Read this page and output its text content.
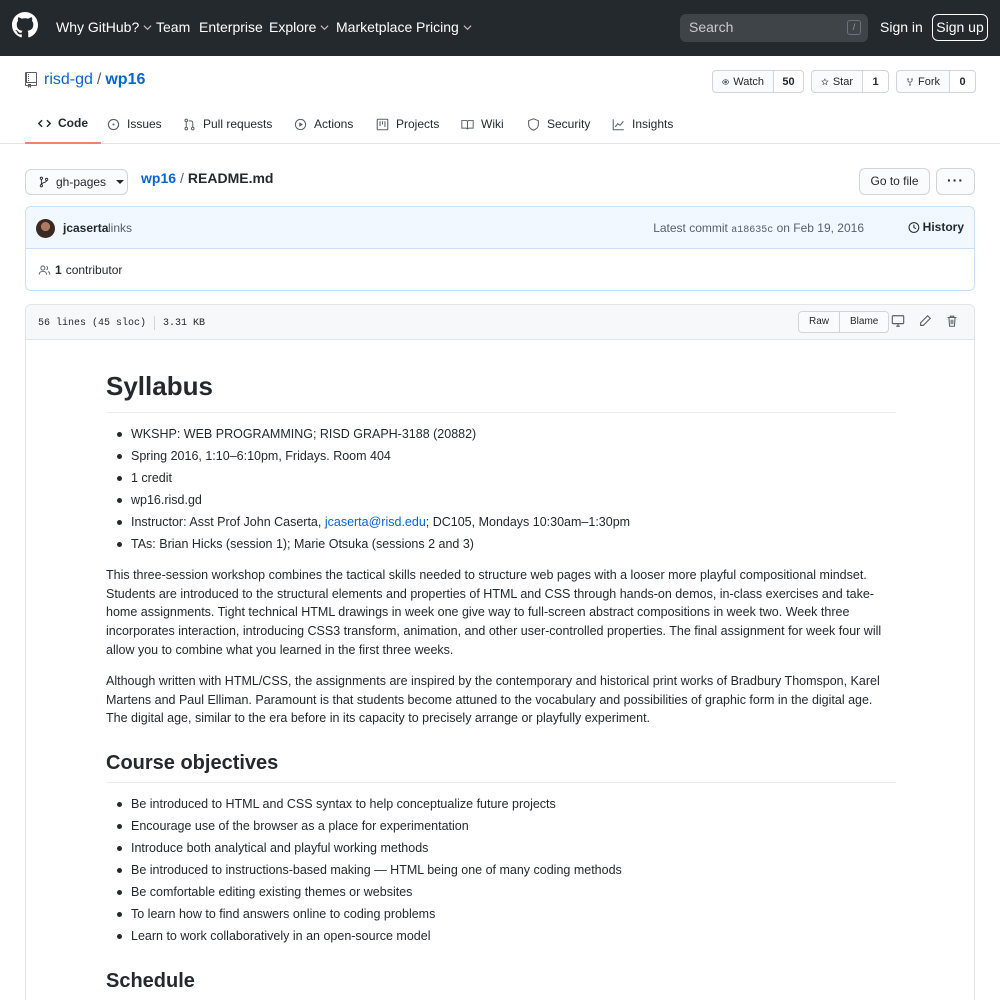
Why GitHub? Team Enterprise Explore Marketplace Pricing	Search	/	Sign in Sign up
risd-gd / wp16	Watch	50	Star	1	Fork	0
Code	Issues	Pull requests	Actions	Projects	Wiki	Security	Insights
gh-pages wp16 / README.md	Go to file	···
jcaserta links	Latest commit a18635c on Feb 19, 2016	History
1 contributor
56 lines (45 sloc) 3.31 KB	Raw	Blame
Syllabus
WKSHP: WEB PROGRAMMING; RISD GRAPH-3188 (20882)
Spring 2016, 1:10–6:10pm, Fridays. Room 404
1 credit
wp16.risd.gd
Instructor: Asst Prof John Caserta, jcaserta@risd.edu; DC105, Mondays 10:30am–1:30pm
TAs: Brian Hicks (session 1); Marie Otsuka (sessions 2 and 3)

This three-session workshop combines the tactical skills needed to structure web pages with a looser more playful compositional mindset. Students are introduced to the structural elements and properties of HTML and CSS through hands-on demos, in-class exercises and take-home assignments. Tight technical HTML drawings in week one give way to full-screen abstract compositions in week two. Week three incorporates interaction, introducing CSS3 transform, animation, and other user-controlled properties. The final assignment for week four will allow you to combine what you learned in the first three weeks.

Although written with HTML/CSS, the assignments are inspired by the contemporary and historical print works of Bradbury Thomspon, Karel Martens and Paul Elliman. Paramount is that students become attuned to the vocabulary and possibilities of graphic form in the digital age. The digital age, similar to the era before in its capacity to precisely arrange or playfully experiment.

Course objectives
Be introduced to HTML and CSS syntax to help conceptualize future projects
Encourage use of the browser as a place for experimentation
Introduce both analytical and playful working methods
Be introduced to instructions-based making — HTML being one of many coding methods
Be comfortable editing existing themes or websites
To learn how to find answers online to coding problems
Learn to work collaboratively in an open-source model
Schedule
